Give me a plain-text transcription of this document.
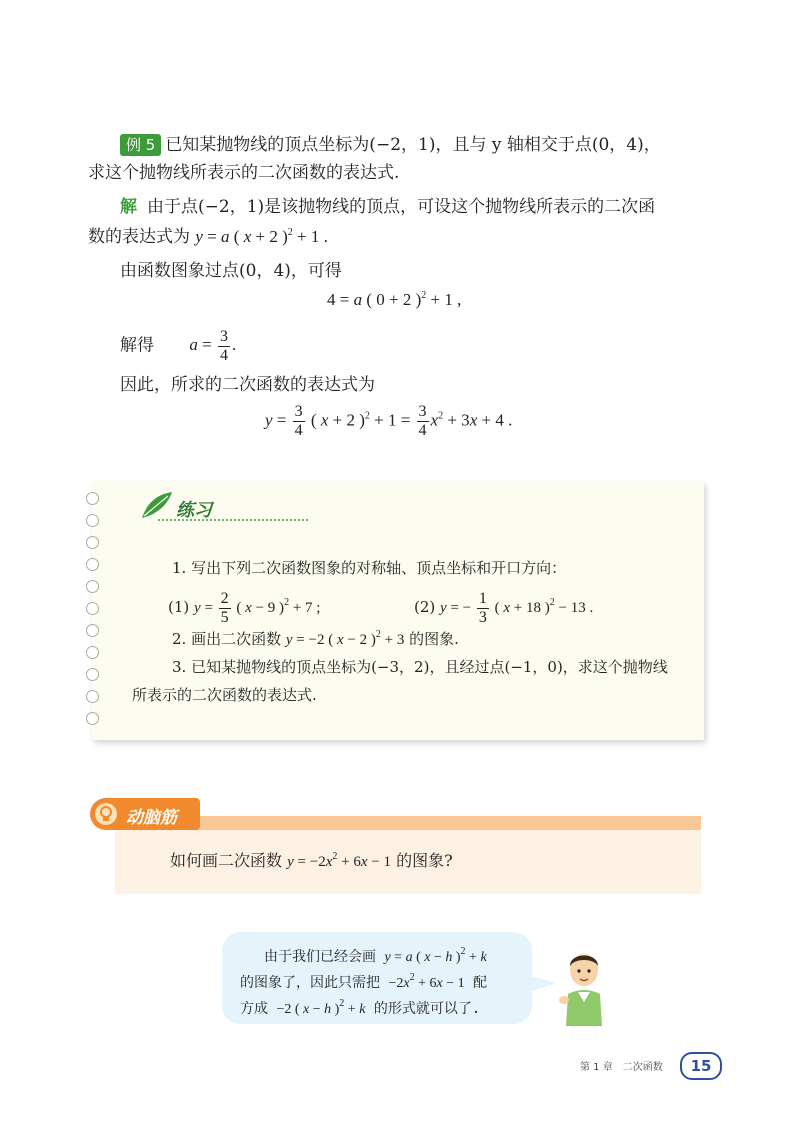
例 5 已知某抛物线的顶点坐标为(−2，1)，且与 y 轴相交于点(0，4)，
求这个抛物线所表示的二次函数的表达式.
解 由于点(−2，1)是该抛物线的顶点，可设这个抛物线所表示的二次函
数的表达式为 y = a ( x + 2 )$^2$ + 1 .
由函数图象过点(0，4)，可得
4 = a ( 0 + 2 )$^2$ + 1 ,
解得 $a = \frac{3}{4}$ .
因此，所求的二次函数的表达式为
$y = \frac{3}{4}$ ( x + 2 )$^2 + 1 = \frac{3}{4} x^2 + 3x + 4$ .
练习
1. 写出下列二次函数图象的对称轴、顶点坐标和开口方向：
(1) $y = \frac{2}{5}$ ( x − 9 )$^2$ + 7 ;	(2) y = − $\frac{1}{3}$ ( x + 18 )$^2$ − 13 .
2. 画出二次函数 y = −2 ( x − 2 )$^2$ + 3 的图象.
3. 已知某抛物线的顶点坐标为(−3，2)，且经过点(−1，0)，求这个抛物线
所表示的二次函数的表达式.
动脑筋
如何画二次函数 $y = -2x^2 + 6x - 1$ 的图象?
由于我们已经会画 y = a ( x − h )$^2$ + k
的图象了，因此只需把 $-2x^2 + 6x - 1$ 配
方成 −2 ( x − h )$^2$ + k 的形式就可以了.
第 1 章　二次函数	15
